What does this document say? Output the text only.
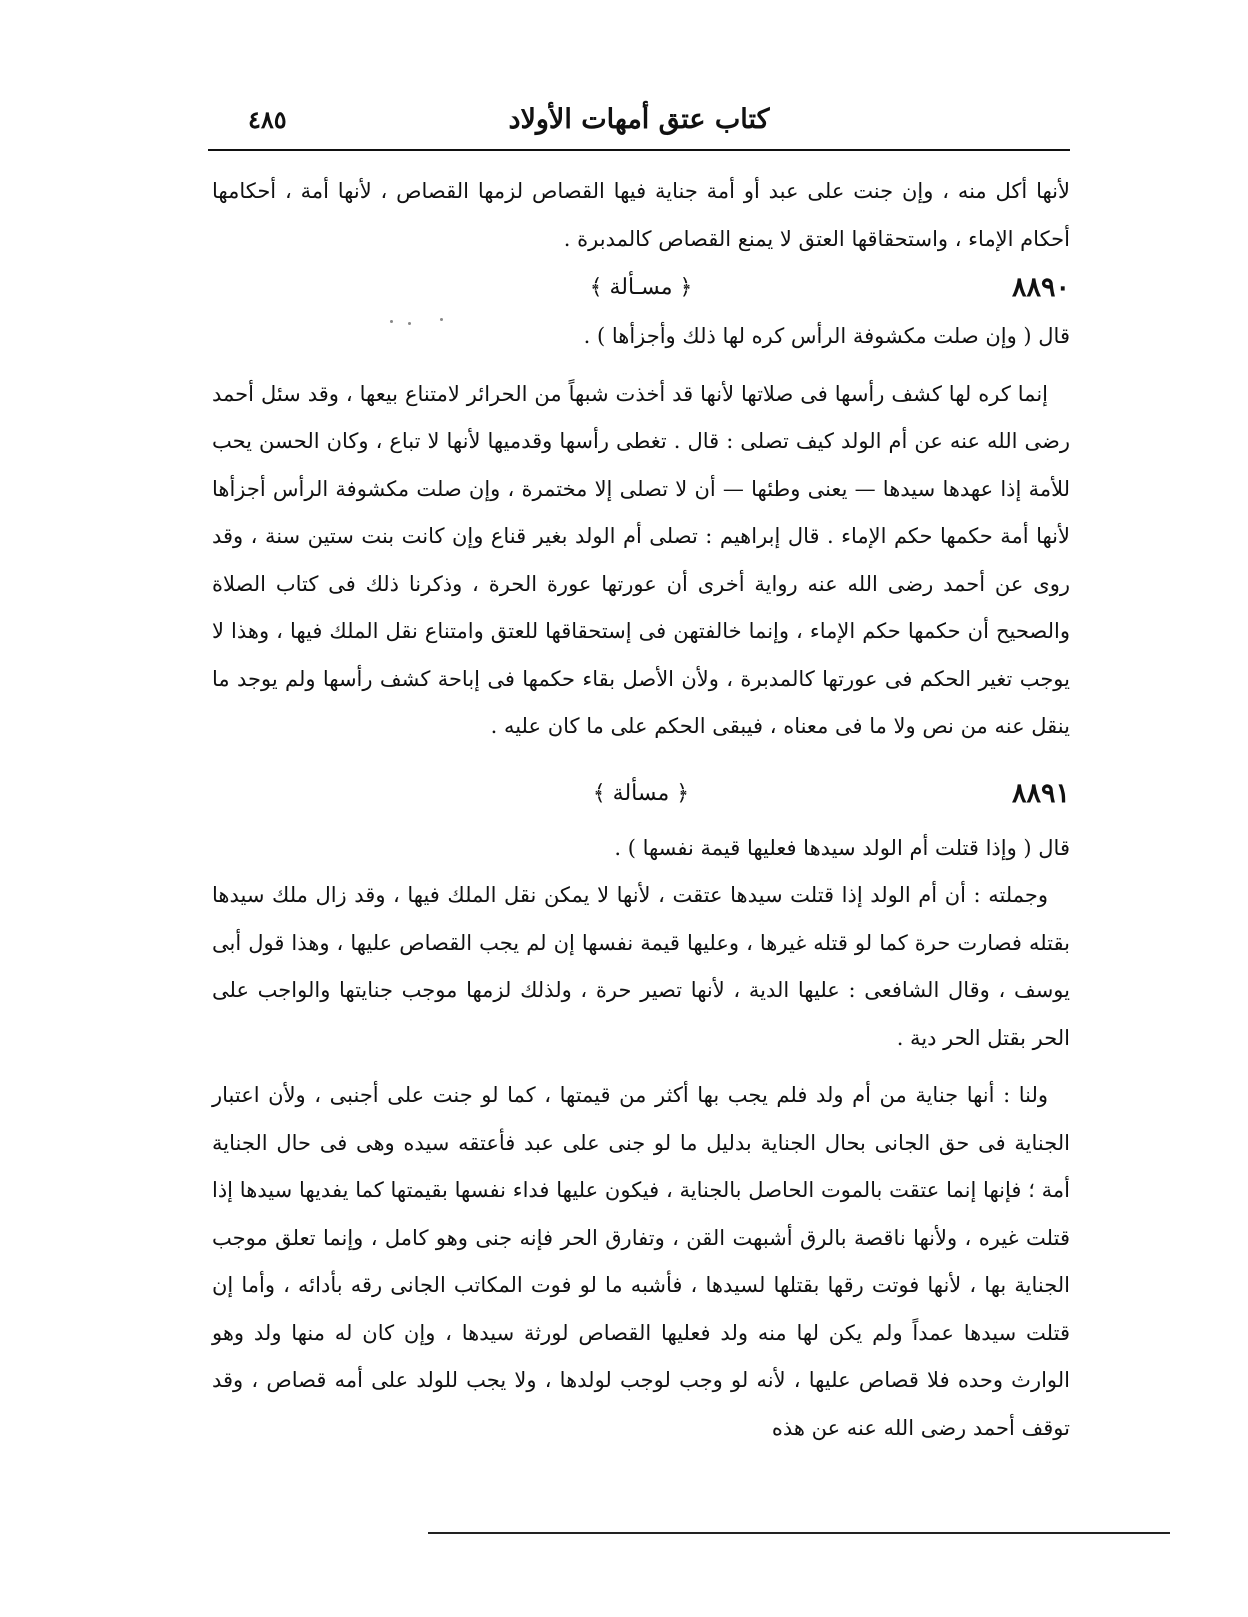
كتاب عتق أمهات الأولاد
٤٨٥

لأنها أكل منه ، وإن جنت على عبد أو أمة جناية فيها القصاص لزمها القصاص ، لأنها أمة ، أحكامها أحكام الإماء ، واستحقاقها العتق لا يمنع القصاص كالمدبرة .

٨٨٩٠
﴿ مسـألة ﴾

قال ( وإن صلت مكشوفة الرأس كره لها ذلك وأجزأها ) .

إنما كره لها كشف رأسها فى صلاتها لأنها قد أخذت شبهاً من الحرائر لامتناع بيعها ، وقد سئل أحمد رضى الله عنه عن أم الولد كيف تصلى : قال . تغطى رأسها وقدميها لأنها لا تباع ، وكان الحسن يحب للأمة إذا عهدها سيدها — يعنى وطئها — أن لا تصلى إلا مختمرة ، وإن صلت مكشوفة الرأس أجزأها لأنها أمة حكمها حكم الإماء . قال إبراهيم : تصلى أم الولد بغير قناع وإن كانت بنت ستين سنة ، وقد روى عن أحمد رضى الله عنه رواية أخرى أن عورتها عورة الحرة ، وذكرنا ذلك فى كتاب الصلاة والصحيح أن حكمها حكم الإماء ، وإنما خالفتهن فى إستحقاقها للعتق وامتناع نقل الملك فيها ، وهذا لا يوجب تغير الحكم فى عورتها كالمدبرة ، ولأن الأصل بقاء حكمها فى إباحة كشف رأسها ولم يوجد ما ينقل عنه من نص ولا ما فى معناه ، فيبقى الحكم على ما كان عليه .

٨٨٩١
﴿ مسألة ﴾

قال ( وإذا قتلت أم الولد سيدها فعليها قيمة نفسها ) .

وجملته : أن أم الولد إذا قتلت سيدها عتقت ، لأنها لا يمكن نقل الملك فيها ، وقد زال ملك سيدها بقتله فصارت حرة كما لو قتله غيرها ، وعليها قيمة نفسها إن لم يجب القصاص عليها ، وهذا قول أبى يوسف ، وقال الشافعى : عليها الدية ، لأنها تصير حرة ، ولذلك لزمها موجب جنايتها والواجب على الحر بقتل الحر دية .

ولنا : أنها جناية من أم ولد فلم يجب بها أكثر من قيمتها ، كما لو جنت على أجنبى ، ولأن اعتبار الجناية فى حق الجانى بحال الجناية بدليل ما لو جنى على عبد فأعتقه سيده وهى فى حال الجناية أمة ؛ فإنها إنما عتقت بالموت الحاصل بالجناية ، فيكون عليها فداء نفسها بقيمتها كما يفديها سيدها إذا قتلت غيره ، ولأنها ناقصة بالرق أشبهت القن ، وتفارق الحر فإنه جنى وهو كامل ، وإنما تعلق موجب الجناية بها ، لأنها فوتت رقها بقتلها لسيدها ، فأشبه ما لو فوت المكاتب الجانى رقه بأدائه ، وأما إن قتلت سيدها عمداً ولم يكن لها منه ولد فعليها القصاص لورثة سيدها ، وإن كان له منها ولد وهو الوارث وحده فلا قصاص عليها ، لأنه لو وجب لوجب لولدها ، ولا يجب للولد على أمه قصاص ، وقد توقف أحمد رضى الله عنه عن هذه
